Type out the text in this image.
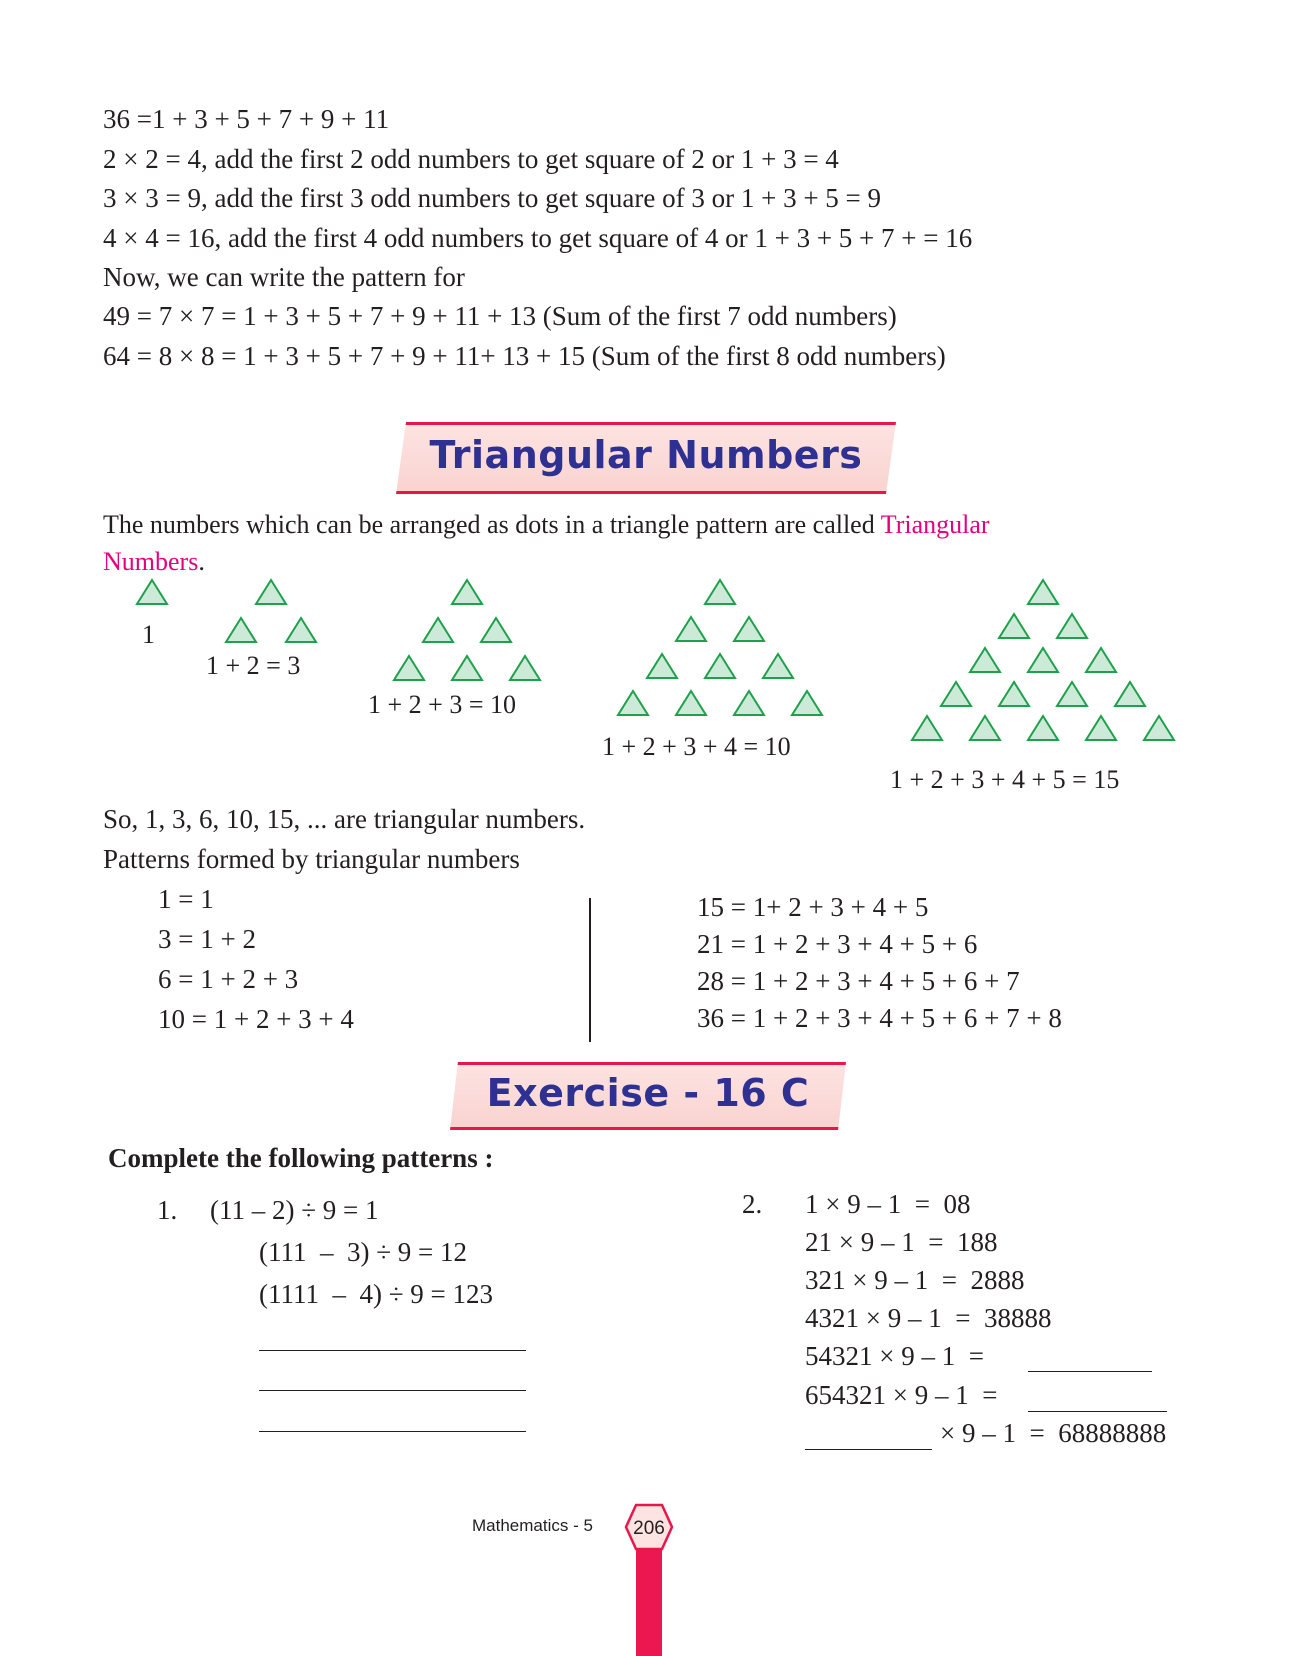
36 =1 + 3 + 5 + 7 + 9 + 11
2 × 2 = 4, add the first 2 odd numbers to get square of 2 or 1 + 3 = 4
3 × 3 = 9, add the first 3 odd numbers to get square of 3 or 1 + 3 + 5 = 9
4 × 4 = 16, add the first 4 odd numbers to get square of 4 or 1 + 3 + 5 + 7 + = 16
Now, we can write the pattern for
49 = 7 × 7 = 1 + 3 + 5 + 7 + 9 + 11 + 13 (Sum of the first 7 odd numbers)
64 = 8 × 8 = 1 + 3 + 5 + 7 + 9 + 11+ 13 + 15 (Sum of the first 8 odd numbers)
Triangular Numbers
The numbers which can be arranged as dots in a triangle pattern are called Triangular
Numbers.
1
1 + 2 = 3
1 + 2 + 3 = 10
1 + 2 + 3 + 4 = 10
1 + 2 + 3 + 4 + 5 = 15
So, 1, 3, 6, 10, 15, ... are triangular numbers.
Patterns formed by triangular numbers
1 = 1
3 = 1 + 2
6 = 1 + 2 + 3
10 = 1 + 2 + 3 + 4
15 = 1+ 2 + 3 + 4 + 5
21 = 1 + 2 + 3 + 4 + 5 + 6
28 = 1 + 2 + 3 + 4 + 5 + 6 + 7
36 = 1 + 2 + 3 + 4 + 5 + 6 + 7 + 8
Exercise - 16 C
Complete the following patterns :
1. (11 – 2) ÷ 9 = 1
(111  –  3) ÷ 9 = 12
(1111  –  4) ÷ 9 = 123
2. 1 × 9 – 1  =  08
21 × 9 – 1  =  188
321 × 9 – 1  =  2888
4321 × 9 – 1  =  38888
54321 × 9 – 1  =
654321 × 9 – 1  =
× 9 – 1  =  68888888
Mathematics - 5 206
